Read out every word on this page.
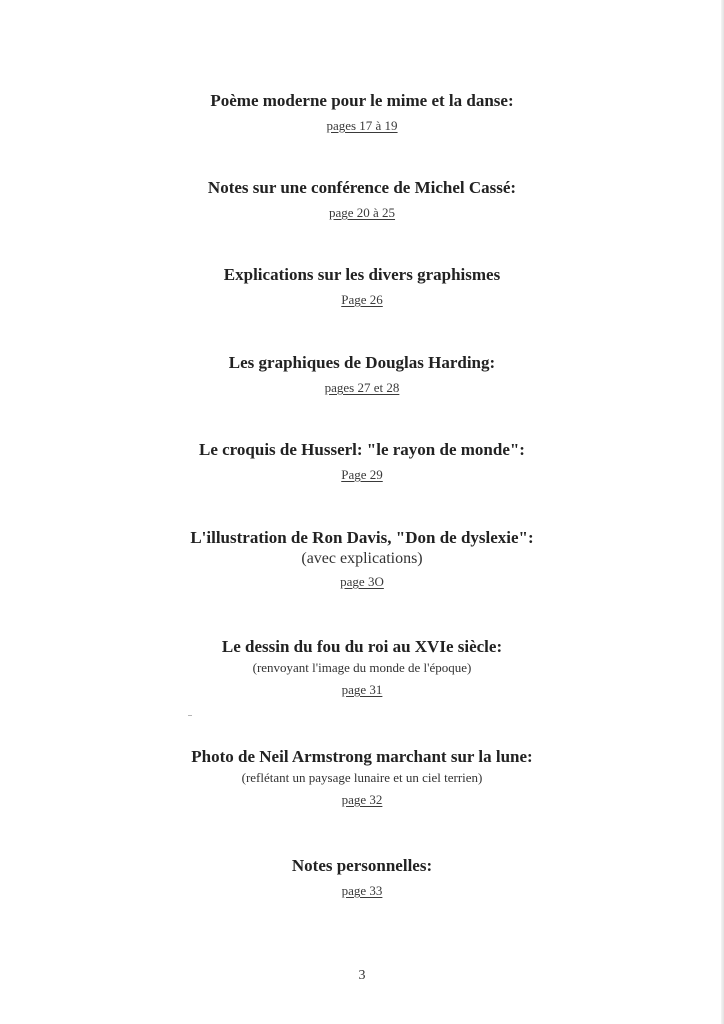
Poème moderne pour le mime et la danse:
pages 17 à 19
Notes sur une conférence de Michel Cassé:
page 20 à 25
Explications sur les divers graphismes
Page 26
Les graphiques de Douglas Harding:
pages 27 et 28
Le croquis de Husserl: "le rayon de monde":
Page 29
L'illustration de Ron Davis, "Don de dyslexie":
(avec explications)
page 3O
Le dessin du fou du roi au XVIe siècle:
(renvoyant l'image du monde de l'époque)
page 31
Photo de Neil Armstrong marchant sur la lune:
(reflétant un paysage lunaire et un ciel terrien)
page 32
Notes personnelles:
page 33
3
